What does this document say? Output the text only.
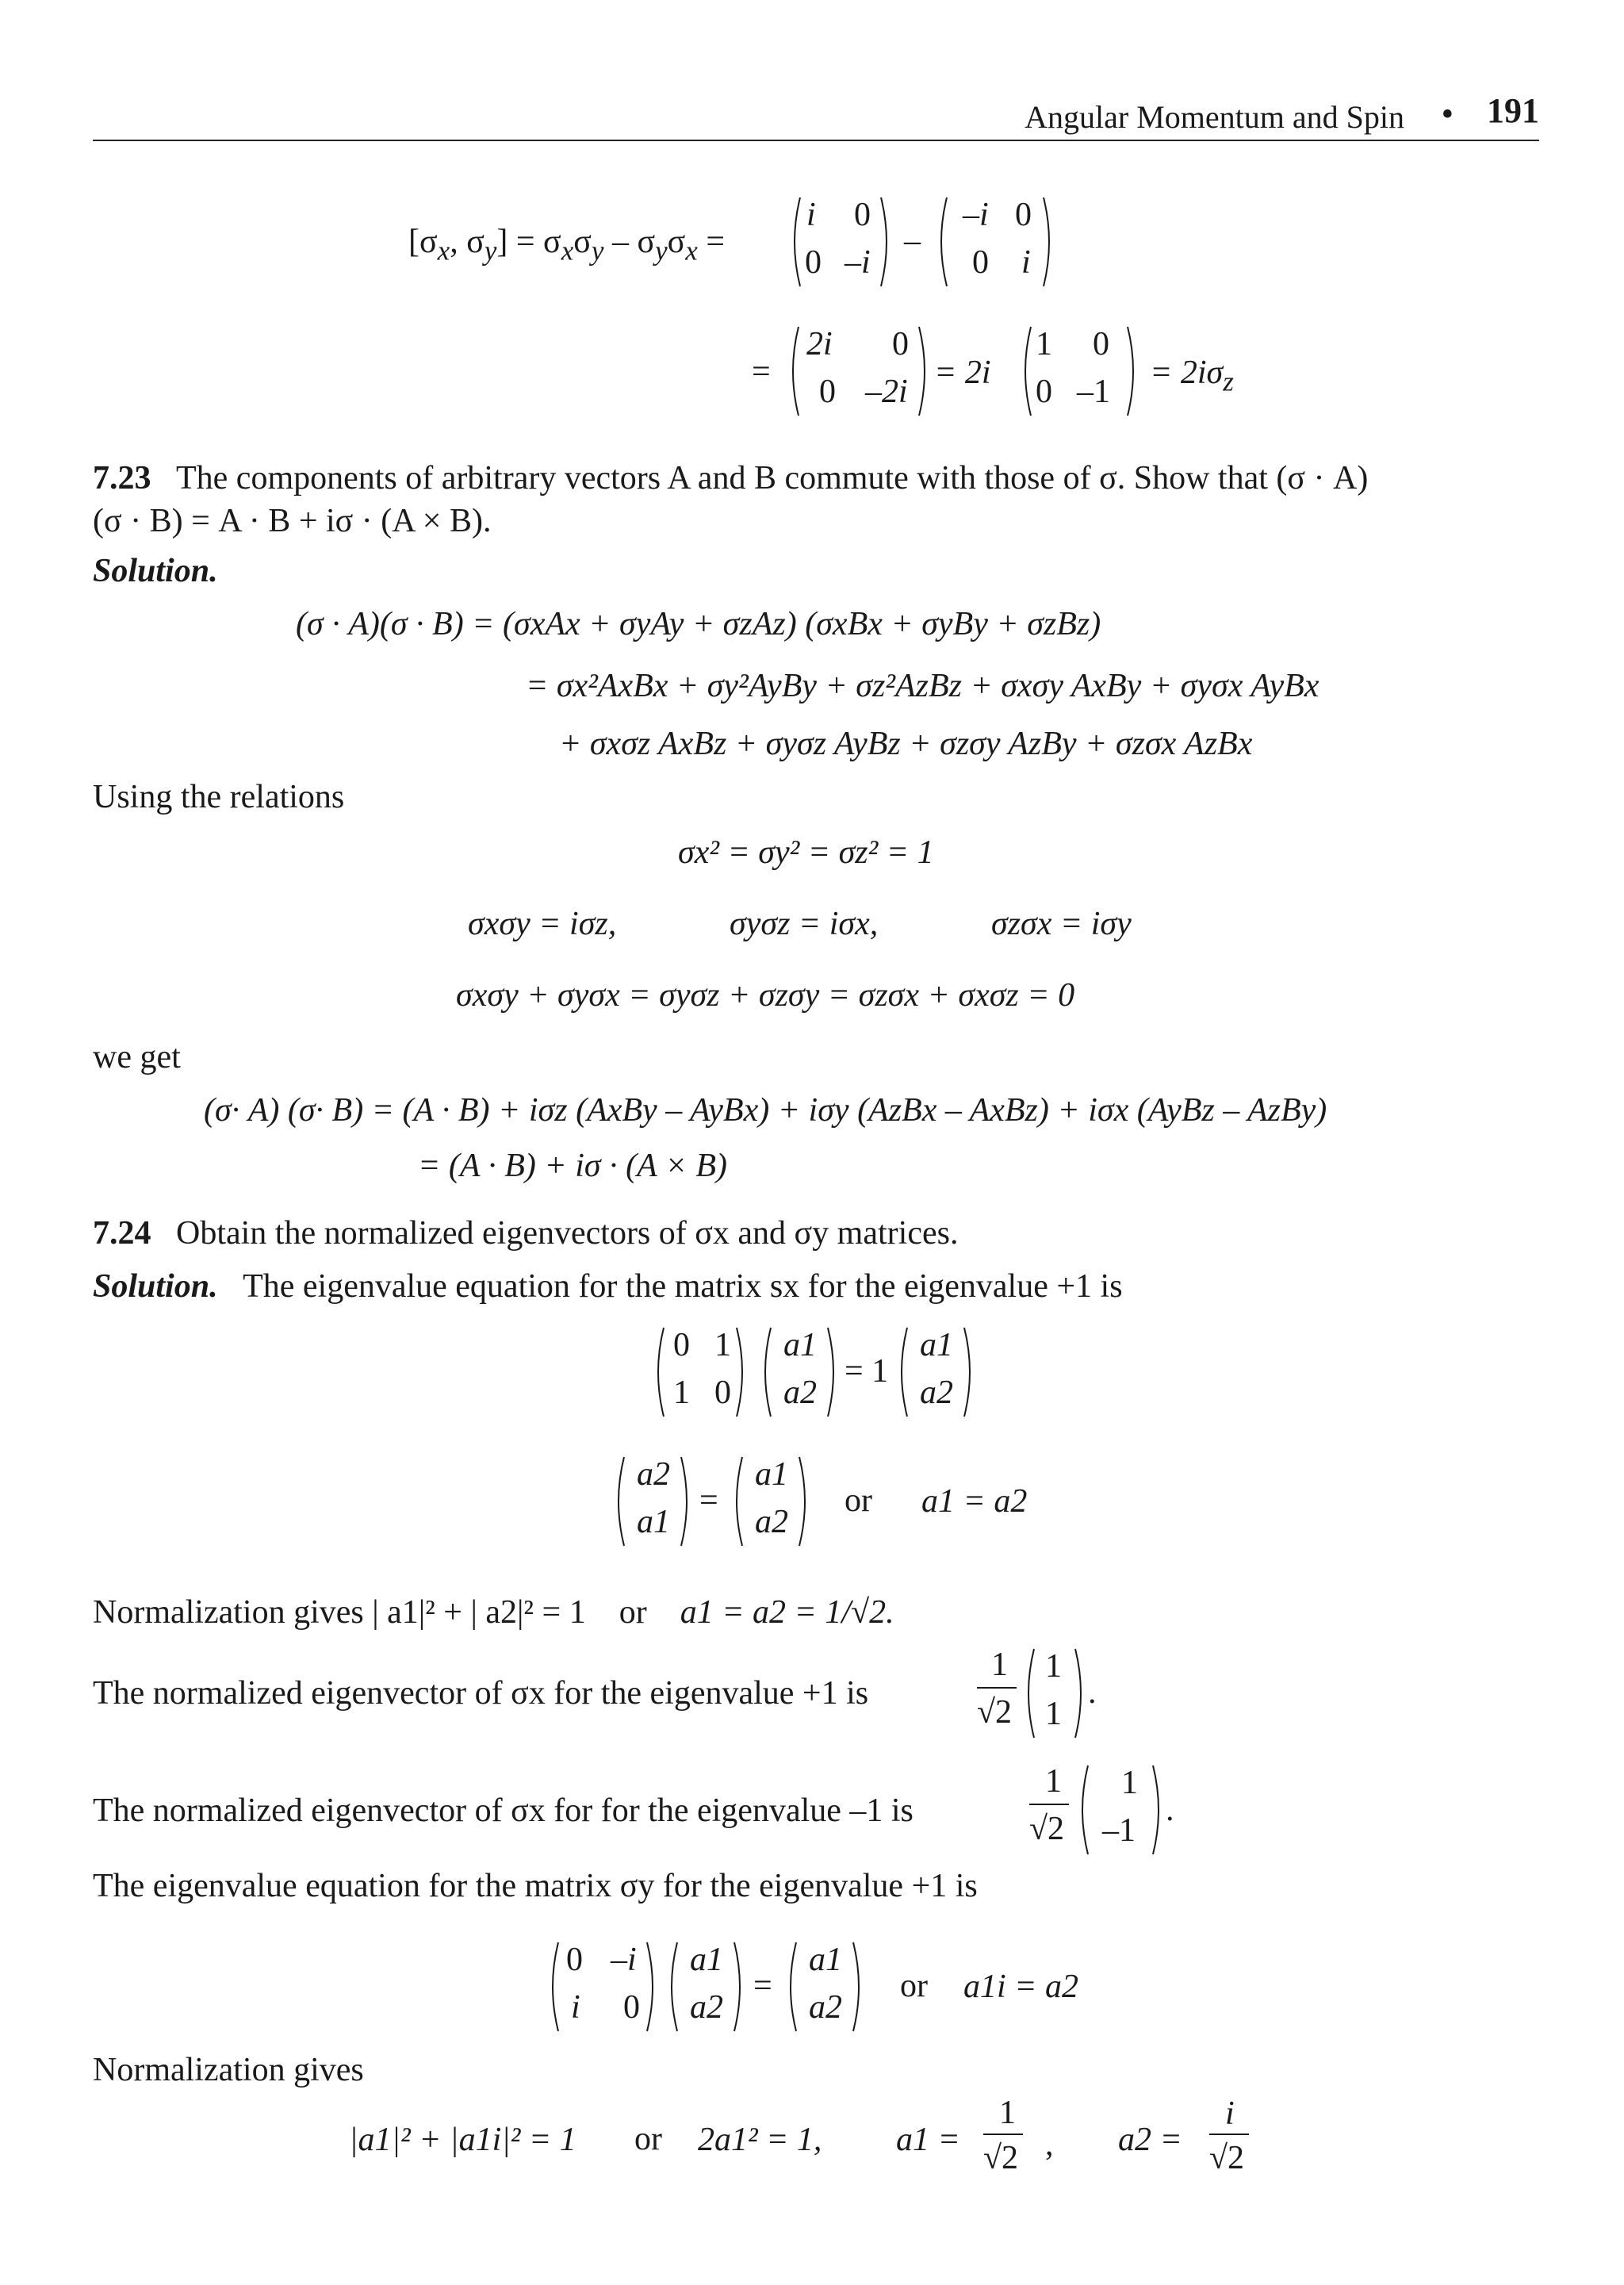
Angular Momentum and Spin • 191
[$\sigma_x$, $\sigma_y] = \sigma_x\sigma_y - \sigma_y\sigma_x$ =
i 0
0 –i
–
–i 0
0 i
=
2i 0
0 –2i
= 2i
1 0
0 –1
= $2i\sigma_z$
7.23 The components of arbitrary vectors A and B commute with those of σ. Show that (σ · A)
(σ · B) = A · B + iσ · (A × B).
Solution.
(σ · A)(σ · B) = (σxAx + σyAy + σzAz) (σxBx + σyBy + σzBz)
= σx²AxBx + σy²AyBy + σz²AzBz + σxσy AxBy + σyσx AyBx
+ σxσz AxBz + σyσz AyBz + σzσy AzBy + σzσx AzBx
Using the relations
σx² = σy² = σz² = 1
σxσy = iσz,	σyσz = iσx,	σzσx = iσy
σxσy + σyσx = σyσz + σzσy = σzσx + σxσz = 0
we get
(σ· A) (σ· B) = (A · B) + iσz (AxBy – AyBx) + iσy (AzBx – AxBz) + iσx (AyBz – AzBy)
= (A · B) + iσ · (A × B)
7.24 Obtain the normalized eigenvectors of σx and σy matrices.
Solution. The eigenvalue equation for the matrix sx for the eigenvalue +1 is
0 1
1 0
a1
a2
= 1
a1
a2
a2
a1
=
a1
a2
or a1 = a2
Normalization gives | a1|² + | a2|² = 1 or a1 = a2 = 1/√2.
The normalized eigenvector of σx for the eigenvalue +1 is
1
√2
1
1
.
The normalized eigenvector of σx for for the eigenvalue –1 is
1
√2
1
–1
.
The eigenvalue equation for the matrix σy for the eigenvalue +1 is
0 –i
i 0
a1
a2
=
a1
a2
or a1i = a2
Normalization gives
|a1|² + |a1i|² = 1 or 2a1² = 1, a1 =
1
√2 , a2 =
i
√2
